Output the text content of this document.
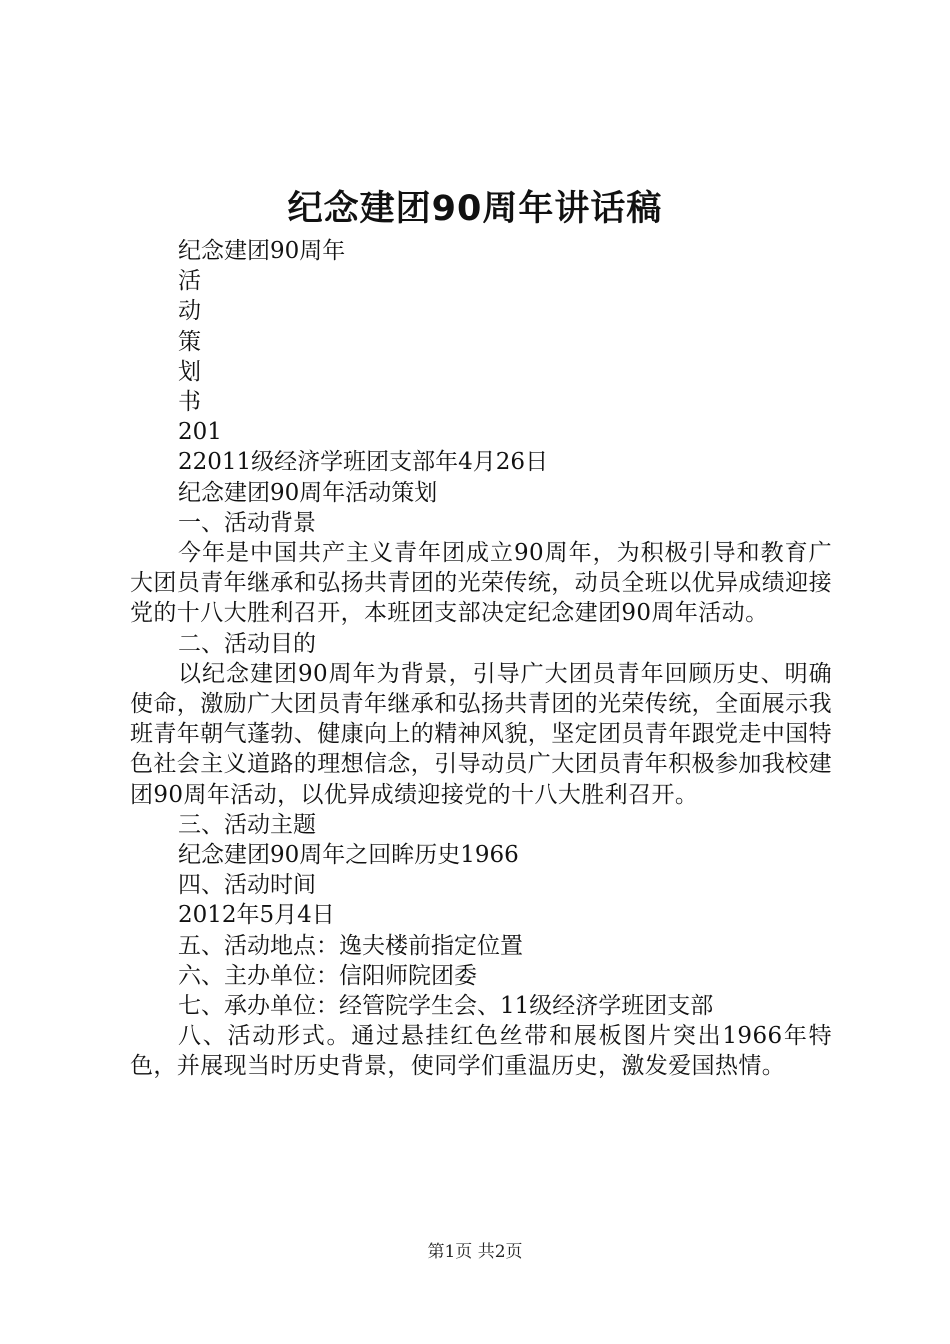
纪念建团90周年讲话稿
纪念建团90周年
活
动
策
划
书
201
22011级经济学班团支部年4月26日
纪念建团90周年活动策划
一、活动背景
今年是中国共产主义青年团成立90周年，为积极引导和教育广大团员青年继承和弘扬共青团的光荣传统，动员全班以优异成绩迎接党的十八大胜利召开，本班团支部决定纪念建团90周年活动。
二、活动目的
以纪念建团90周年为背景，引导广大团员青年回顾历史、明确使命，激励广大团员青年继承和弘扬共青团的光荣传统，全面展示我班青年朝气蓬勃、健康向上的精神风貌，坚定团员青年跟党走中国特色社会主义道路的理想信念，引导动员广大团员青年积极参加我校建团90周年活动，以优异成绩迎接党的十八大胜利召开。
三、活动主题
纪念建团90周年之回眸历史1966
四、活动时间
2012年5月4日
五、活动地点：逸夫楼前指定位置
六、主办单位：信阳师院团委
七、承办单位：经管院学生会、11级经济学班团支部
八、活动形式。通过悬挂红色丝带和展板图片突出1966年特色，并展现当时历史背景，使同学们重温历史，激发爱国热情。
第1页 共2页
